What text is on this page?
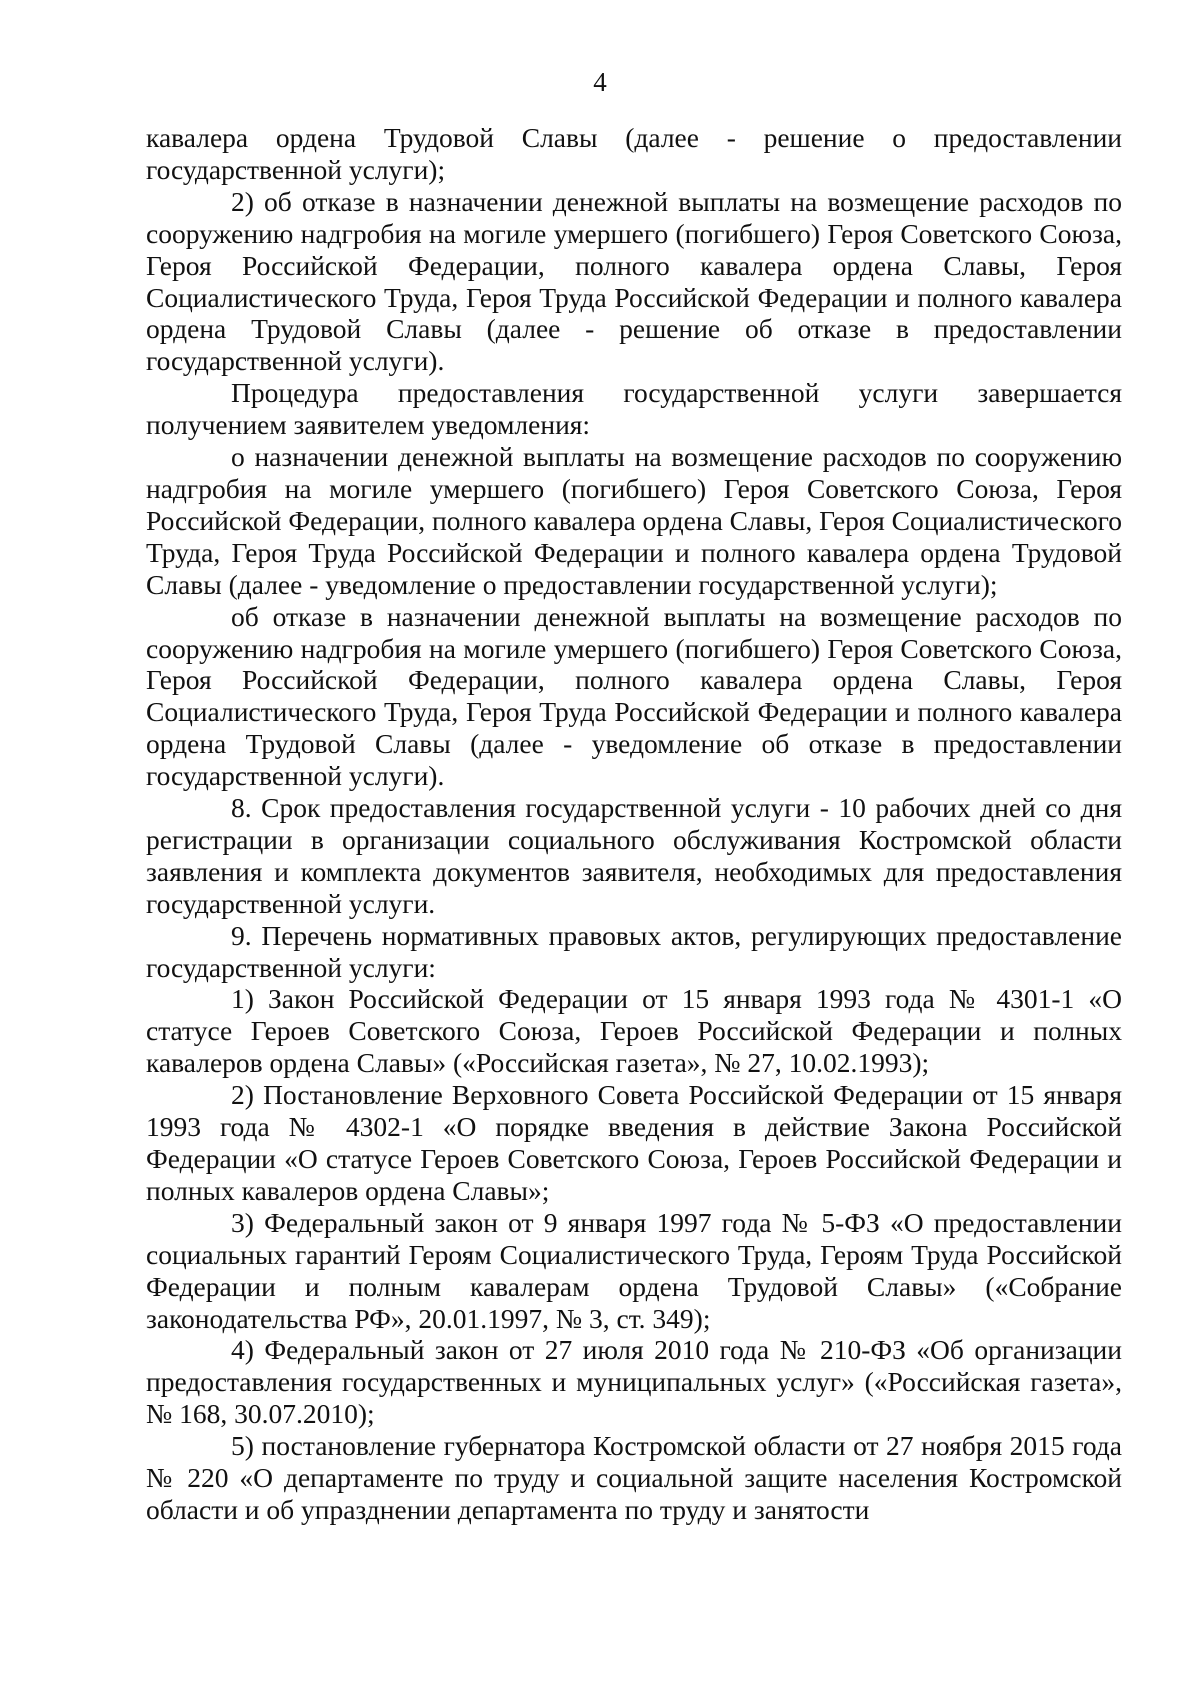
4

кавалера ордена Трудовой Славы (далее - решение о предоставлении государственной услуги);

2) об отказе в назначении денежной выплаты на возмещение расходов по сооружению надгробия на могиле умершего (погибшего) Героя Советского Союза, Героя Российской Федерации, полного кавалера ордена Славы, Героя Социалистического Труда, Героя Труда Российской Федерации и полного кавалера ордена Трудовой Славы (далее - решение об отказе в предоставлении государственной услуги).

Процедура предоставления государственной услуги завершается получением заявителем уведомления:

о назначении денежной выплаты на возмещение расходов по сооружению надгробия на могиле умершего (погибшего) Героя Советского Союза, Героя Российской Федерации, полного кавалера ордена Славы, Героя Социалистического Труда, Героя Труда Российской Федерации и полного кавалера ордена Трудовой Славы (далее - уведомление о предоставлении государственной услуги);

об отказе в назначении денежной выплаты на возмещение расходов по сооружению надгробия на могиле умершего (погибшего) Героя Советского Союза, Героя Российской Федерации, полного кавалера ордена Славы, Героя Социалистического Труда, Героя Труда Российской Федерации и полного кавалера ордена Трудовой Славы (далее - уведомление об отказе в предоставлении государственной услуги).

8. Срок предоставления государственной услуги - 10 рабочих дней со дня регистрации в организации социального обслуживания Костромской области заявления и комплекта документов заявителя, необходимых для предоставления государственной услуги.

9. Перечень нормативных правовых актов, регулирующих предоставление государственной услуги:

1) Закон Российской Федерации от 15 января 1993 года № 4301-1 «О статусе Героев Советского Союза, Героев Российской Федерации и полных кавалеров ордена Славы» («Российская газета», № 27, 10.02.1993);

2) Постановление Верховного Совета Российской Федерации от 15 января 1993 года № 4302-1 «О порядке введения в действие Закона Российской Федерации «О статусе Героев Советского Союза, Героев Российской Федерации и полных кавалеров ордена Славы»;

3) Федеральный закон от 9 января 1997 года № 5-ФЗ «О предоставлении социальных гарантий Героям Социалистического Труда, Героям Труда Российской Федерации и полным кавалерам ордена Трудовой Славы» («Собрание законодательства РФ», 20.01.1997, № 3, ст. 349);

4) Федеральный закон от 27 июля 2010 года № 210-ФЗ «Об организации предоставления государственных и муниципальных услуг» («Российская газета», № 168, 30.07.2010);

5) постановление губернатора Костромской области от 27 ноября 2015 года № 220 «О департаменте по труду и социальной защите населения Костромской области и об упразднении департамента по труду и занятости
